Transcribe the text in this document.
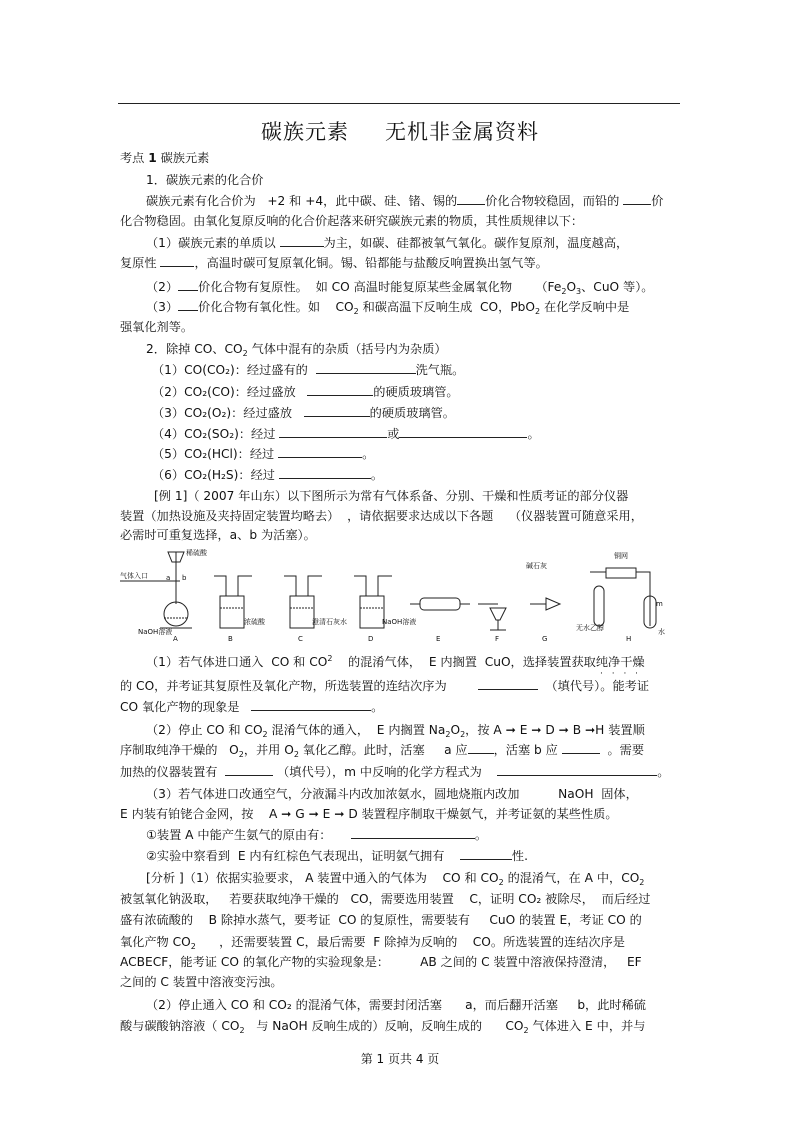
碳族元素 无机非金属资料
考点 1 碳族元素
1．碳族元素的化合价
碳族元素有化合价为 +2 和 +4，此中碳、硅、锗、锡的 价化合物较稳固，而铅的	价
化合物稳固。由氧化复原反响的化合价起落来研究碳族元素的物质，其性质规律以下：
（1）碳族元素的单质以	为主，如碳、硅都被氧气氧化。碳作复原剂，温度越高，
复原性	，高温时碳可复原氧化铜。锡、铅都能与盐酸反响置换出氢气等。
（2） 价化合物有复原性。 如 CO 高温时能复原某些金属氧化物 （$Fe_2O_3$、CuO 等）。
（3） 价化合物有氧化性。如 $CO_2$ 和碳高温下反响生成 CO，PbO$_2$ 在化学反响中是
强氧化剂等。
2．除掉 CO、$CO_2$ 气体中混有的杂质（括号内为杂质）
（1）CO(CO₂)：经过盛有的	洗气瓶。
（2）CO₂(CO)：经过盛放	的硬质玻璃管。
（3）CO₂(O₂)：经过盛放	的硬质玻璃管。
（4）CO₂(SO₂)：经过	或	。
（5）CO₂(HCl)：经过	。
（6）CO₂(H₂S)：经过	。
[例 1]（ 2007 年山东）以下图所示为常有气体系备、分别、干燥和性质考证的部分仪器
装置（加热设施及夹持固定装置均略去） ，请依据要求达成以下各题 （仪器装置可随意采用，
必需时可重复选择，a、b 为活塞）。
气体入口
稀硫酸
a b
NaOH溶液
A
浓硫酸
B
澄清石灰水
C
NaOH溶液
D	E	F
碱石灰
G
铜网
无水乙醇	水
m
H
（1）若气体进口通入 CO 和 $CO^2$ 的混淆气体， E 内搁置 CuO，选择装置获取纯净干燥
· · · ·
的 CO，并考证其复原性及氧化产物，所选装置的连结次序为	（填代号）。能考证
CO 氧化产物的现象是	。
（2）停止 CO 和 $CO_2$ 混淆气体的通入， E 内搁置 $Na_2O_2$，按 A ➞ E ➞ D ➞ B ➞H 装置顺
序制取纯净干燥的 $O_2$，并用 $O_2$ 氧化乙醇。此时，活塞 a 应 ，活塞 b 应	。需要
加热的仪器装置有	（填代号），m 中反响的化学方程式为	。
（3）若气体进口改通空气，分液漏斗内改加浓氨水，圆地烧瓶内改加	NaOH 固体，
E 内装有铂铑合金网，按 A ➞ G ➞ E ➞ D 装置程序制取干燥氨气，并考证氨的某些性质。
①装置 A 中能产生氨气的原由有：	。
②实验中察看到 E 内有红棕色气表现出，证明氨气拥有	性.
[分析 ]（1）依据实验要求， A 装置中通入的气体为 CO 和 $CO_2$ 的混淆气，在 A 中，$CO_2$
被氢氧化钠汲取， 若要获取纯净干燥的 CO，需要选用装置 C，证明 CO₂ 被除尽， 而后经过
盛有浓硫酸的 B 除掉水蒸气，要考证 CO 的复原性，需要装有 CuO 的装置 E，考证 CO 的
氧化产物 $CO_2$ ，还需要装置 C，最后需要 F 除掉为反响的 CO。所选装置的连结次序是
ACBECF，能考证 CO 的氧化产物的实验现象是：	AB 之间的 C 装置中溶液保持澄清， EF
之间的 C 装置中溶液变污浊。
（2）停止通入 CO 和 CO₂ 的混淆气体，需要封闭活塞 a，而后翻开活塞 b，此时稀硫
酸与碳酸钠溶液（ $CO_2$ 与 NaOH 反响生成的）反响，反响生成的 $CO_2$ 气体进入 E 中，并与
第 1 页共 4 页
